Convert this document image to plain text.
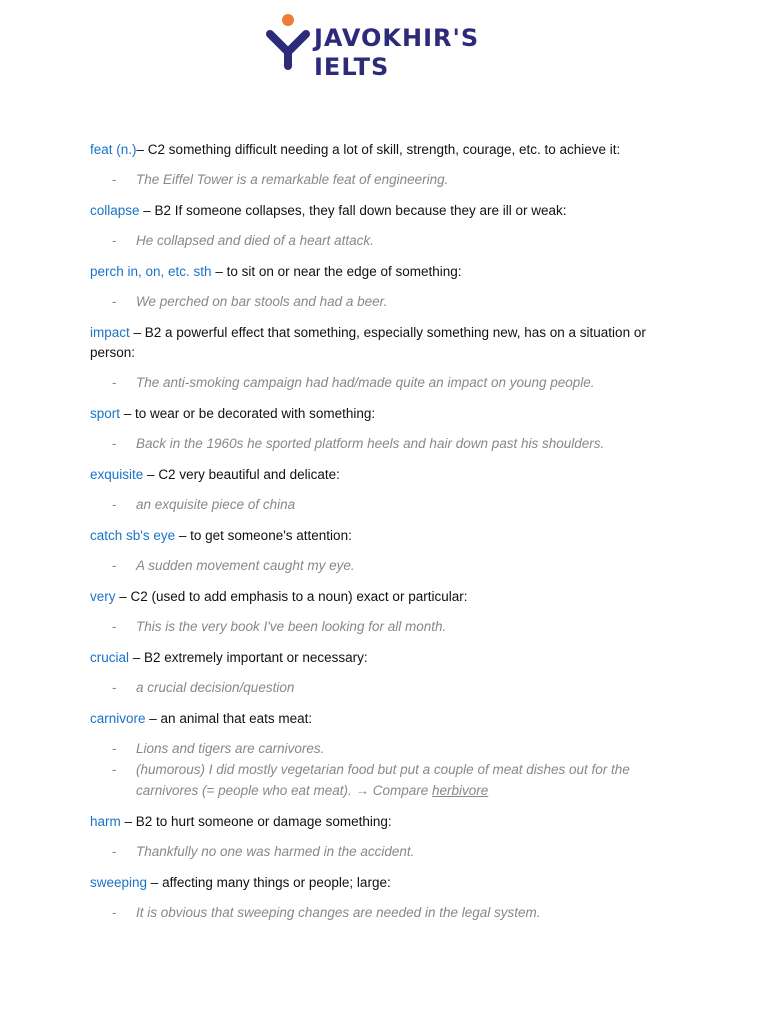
JAVOKHIR'S
IELTS
feat (n.)– C2 something difficult needing a lot of skill, strength, courage, etc. to achieve it:
- The Eiffel Tower is a remarkable feat of engineering.
collapse – B2 If someone collapses, they fall down because they are ill or weak:
- He collapsed and died of a heart attack.
perch in, on, etc. sth – to sit on or near the edge of something:
- We perched on bar stools and had a beer.
impact – B2 a powerful effect that something, especially something new, has on a situation or person:
- The anti-smoking campaign had had/made quite an impact on young people.
sport – to wear or be decorated with something:
- Back in the 1960s he sported platform heels and hair down past his shoulders.
exquisite – C2 very beautiful and delicate:
- an exquisite piece of china
catch sb's eye – to get someone's attention:
- A sudden movement caught my eye.
very – C2 (used to add emphasis to a noun) exact or particular:
- This is the very book I've been looking for all month.
crucial – B2 extremely important or necessary:
- a crucial decision/question
carnivore – an animal that eats meat:
- Lions and tigers are carnivores.
- (humorous) I did mostly vegetarian food but put a couple of meat dishes out for the carnivores (= people who eat meat). → Compare herbivore
harm – B2 to hurt someone or damage something:
- Thankfully no one was harmed in the accident.
sweeping – affecting many things or people; large:
- It is obvious that sweeping changes are needed in the legal system.
